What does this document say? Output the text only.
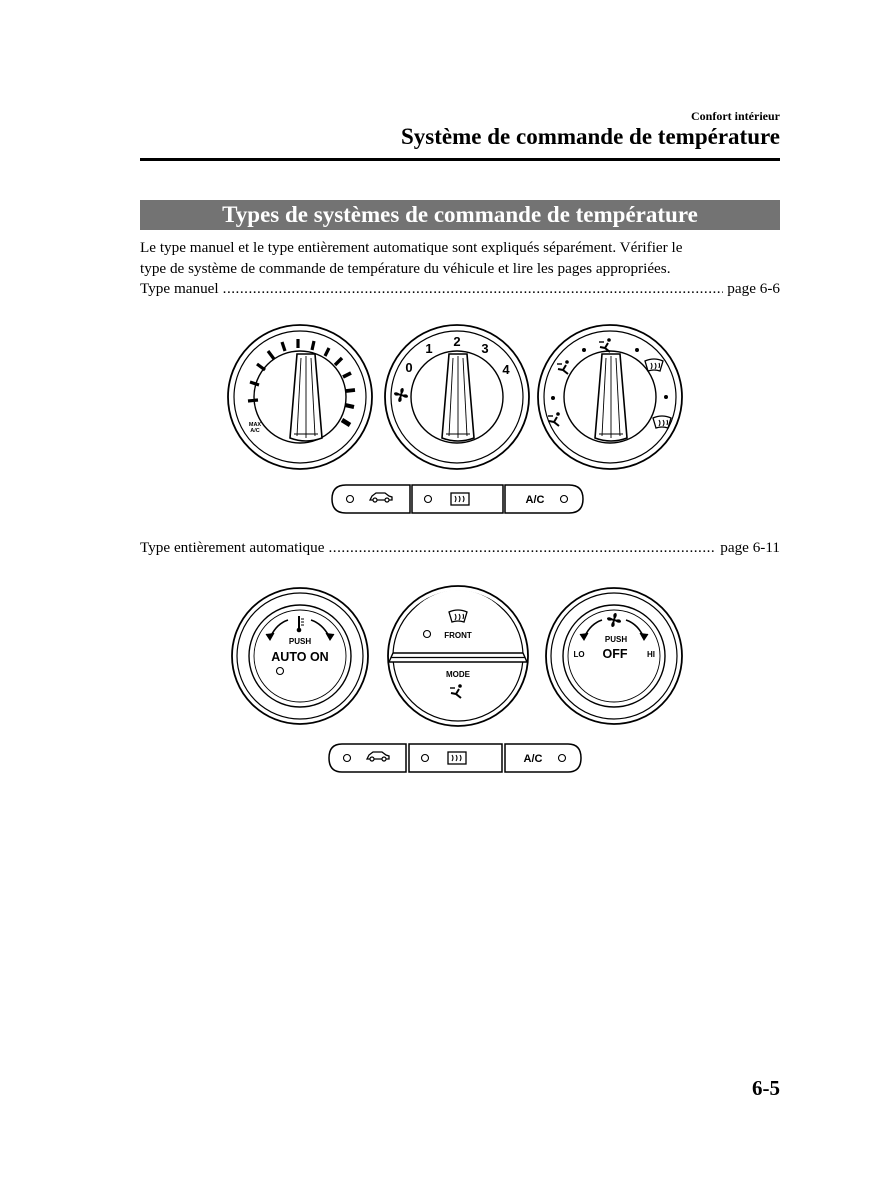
Confort intérieur
Système de commande de température
Types de systèmes de commande de température

Le type manuel et le type entièrement automatique sont expliqués séparément. Vérifier le

type de système de commande de température du véhicule et lire les pages appropriées.

Type manuel .....	page 6-6
Type entièrement automatique .....	page 6-11
MAX
A/C
0
1 2 3
4
A/C
PUSH
AUTO ON
FRONT
MODE
PUSH
OFF
LO	HI
A/C
6-5
